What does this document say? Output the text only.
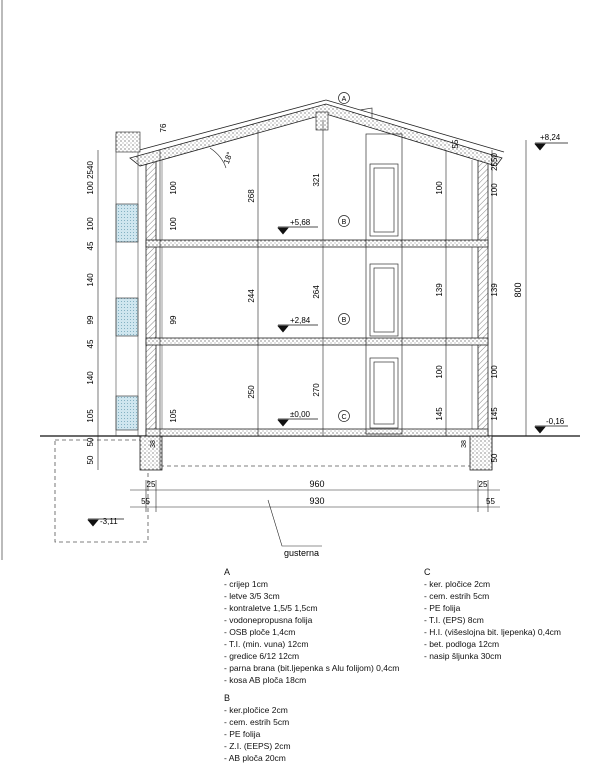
2540
100
100
45
140
99
45
140
105
50
50
76
100
100
99
105
268
244
250
321
264
270
100
139
100
145
55
2550
100
139
100
145
50
800
38	38
960
930
25	25
55	55
+8,24
+5,68
+2,84
±0,00
-0,16
-3,11
A
B
B
C
18°
gusterna
A
- crijep 1cm
- letve 3/5 3cm
- kontraletve 1,5/5 1,5cm
- vodonepropusna folija
- OSB ploče 1,4cm
- T.I. (min. vuna) 12cm
- gredice 6/12 12cm
- parna brana (bit.ljepenka s Alu folijom) 0,4cm
- kosa AB ploča 18cm
B
- ker.pločice 2cm
- cem. estrih 5cm
- PE folija
- Z.I. (EEPS) 2cm
- AB ploča 20cm
C
- ker. pločice 2cm
- cem. estrih 5cm
- PE folija
- T.I. (EPS) 8cm
- H.I. (višeslojna bit. ljepenka) 0,4cm
- bet. podloga 12cm
- nasip šljunka 30cm
